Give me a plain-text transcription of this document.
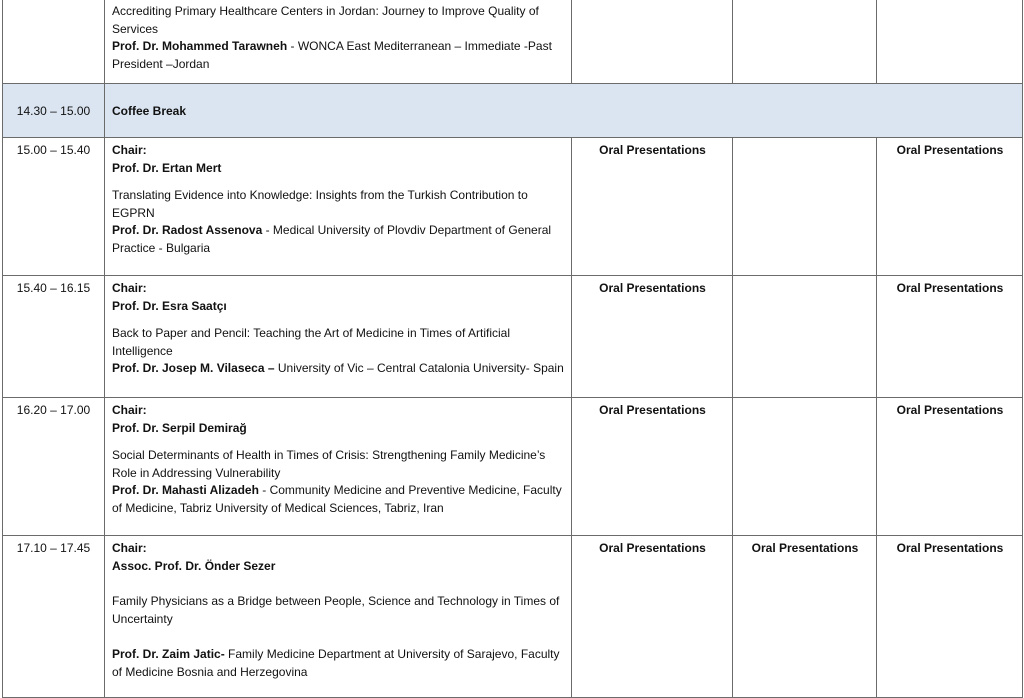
	Accrediting Primary Healthcare Centers in Jordan: Journey to Improve Quality of Services

Prof. Dr. Mohammed Tarawneh - WONCA East Mediterranean – Immediate -Past President –Jordan			

14.30 – 15.00	Coffee Break			
15.00 – 15.40	Chair:

Prof. Dr. Ertan Mert

Translating Evidence into Knowledge: Insights from the Turkish Contribution to EGPRN

Prof. Dr. Radost Assenova - Medical University of Plovdiv Department of General Practice - Bulgaria	Oral Presentations		Oral Presentations
15.40 – 16.15	Chair:

Prof. Dr. Esra Saatçı

Back to Paper and Pencil: Teaching the Art of Medicine in Times of Artificial Intelligence

Prof. Dr. Josep M. Vilaseca – University of Vic – Central Catalonia University- Spain	Oral Presentations		Oral Presentations
16.20 – 17.00	Chair:

Prof. Dr. Serpil Demirağ

Social Determinants of Health in Times of Crisis: Strengthening Family Medicine’s Role in Addressing Vulnerability

Prof. Dr. Mahasti Alizadeh - Community Medicine and Preventive Medicine, Faculty of Medicine, Tabriz University of Medical Sciences, Tabriz, Iran	Oral Presentations		Oral Presentations
17.10 – 17.45	Chair:

Assoc. Prof. Dr. Önder Sezer

Family Physicians as a Bridge between People, Science and Technology in Times of Uncertainty

Prof. Dr. Zaim Jatic- Family Medicine Department at University of Sarajevo, Faculty of Medicine Bosnia and Herzegovina	Oral Presentations	Oral Presentations	Oral Presentations
